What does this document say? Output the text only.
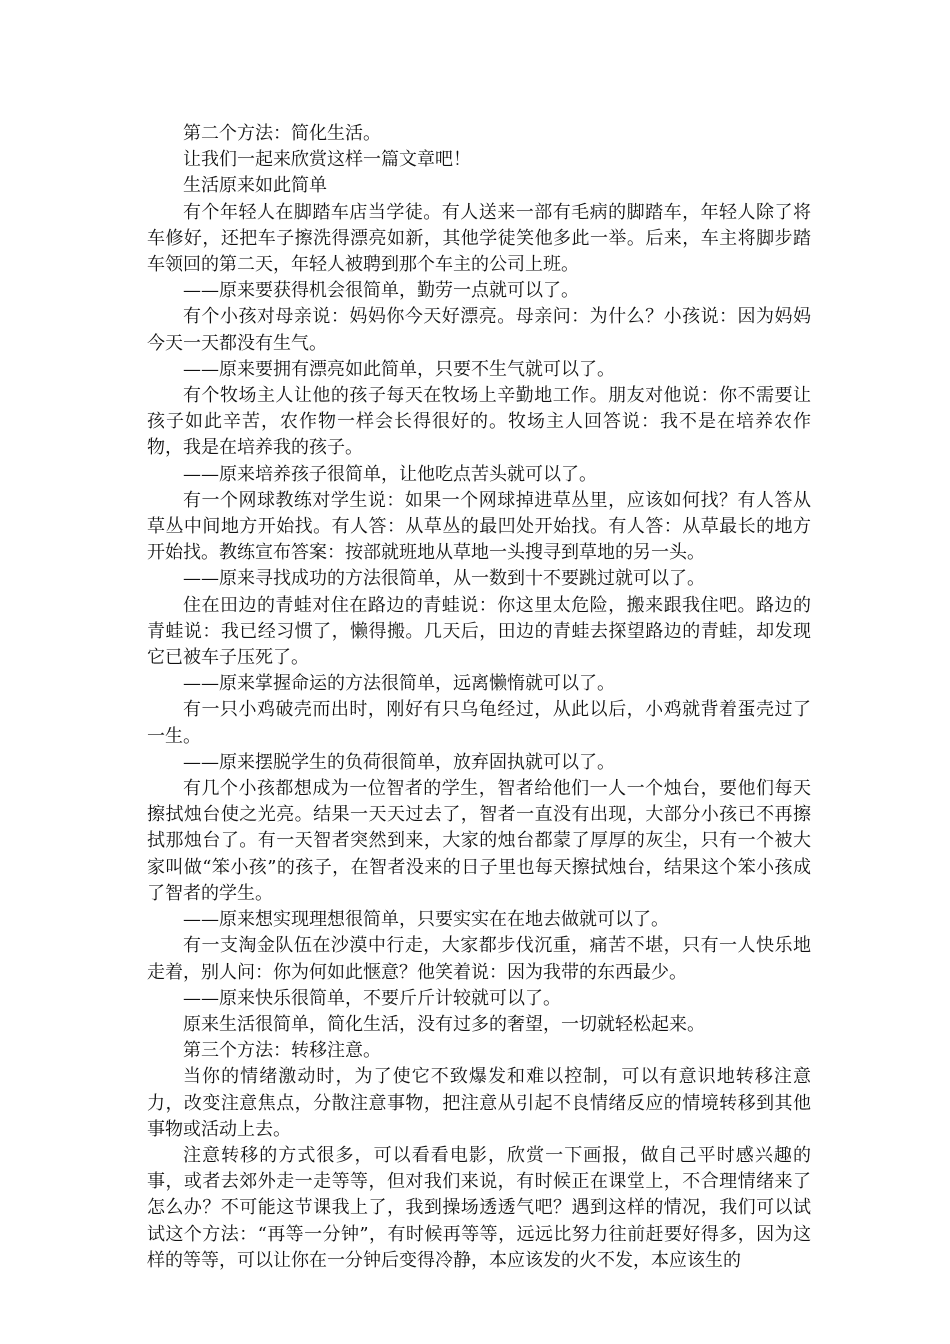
第二个方法：简化生活。

让我们一起来欣赏这样一篇文章吧！

生活原来如此简单

有个年轻人在脚踏车店当学徒。有人送来一部有毛病的脚踏车，年轻人除了将车修好，还把车子擦洗得漂亮如新，其他学徒笑他多此一举。后来，车主将脚步踏车领回的第二天，年轻人被聘到那个车主的公司上班。

——原来要获得机会很简单，勤劳一点就可以了。

有个小孩对母亲说：妈妈你今天好漂亮。母亲问：为什么？小孩说：因为妈妈今天一天都没有生气。

——原来要拥有漂亮如此简单，只要不生气就可以了。

有个牧场主人让他的孩子每天在牧场上辛勤地工作。朋友对他说：你不需要让孩子如此辛苦，农作物一样会长得很好的。牧场主人回答说：我不是在培养农作物，我是在培养我的孩子。

——原来培养孩子很简单，让他吃点苦头就可以了。

有一个网球教练对学生说：如果一个网球掉进草丛里，应该如何找？有人答从草丛中间地方开始找。有人答：从草丛的最凹处开始找。有人答：从草最长的地方开始找。教练宣布答案：按部就班地从草地一头搜寻到草地的另一头。

——原来寻找成功的方法很简单，从一数到十不要跳过就可以了。

住在田边的青蛙对住在路边的青蛙说：你这里太危险，搬来跟我住吧。路边的青蛙说：我已经习惯了，懒得搬。几天后，田边的青蛙去探望路边的青蛙，却发现它已被车子压死了。

——原来掌握命运的方法很简单，远离懒惰就可以了。

有一只小鸡破壳而出时，刚好有只乌龟经过，从此以后，小鸡就背着蛋壳过了一生。

——原来摆脱学生的负荷很简单，放弃固执就可以了。

有几个小孩都想成为一位智者的学生，智者给他们一人一个烛台，要他们每天擦拭烛台使之光亮。结果一天天过去了，智者一直没有出现，大部分小孩已不再擦拭那烛台了。有一天智者突然到来，大家的烛台都蒙了厚厚的灰尘，只有一个被大家叫做“笨小孩”的孩子，在智者没来的日子里也每天擦拭烛台，结果这个笨小孩成了智者的学生。

——原来想实现理想很简单，只要实实在在地去做就可以了。

有一支淘金队伍在沙漠中行走，大家都步伐沉重，痛苦不堪，只有一人快乐地走着，别人问：你为何如此惬意？他笑着说：因为我带的东西最少。

——原来快乐很简单，不要斤斤计较就可以了。

原来生活很简单，简化生活，没有过多的奢望，一切就轻松起来。

第三个方法：转移注意。

当你的情绪激动时，为了使它不致爆发和难以控制，可以有意识地转移注意力，改变注意焦点，分散注意事物，把注意从引起不良情绪反应的情境转移到其他事物或活动上去。

注意转移的方式很多，可以看看电影，欣赏一下画报，做自己平时感兴趣的事，或者去郊外走一走等等，但对我们来说，有时候正在课堂上，不合理情绪来了怎么办？不可能这节课我上了，我到操场透透气吧？遇到这样的情况，我们可以试试这个方法：“再等一分钟”，有时候再等等，远远比努力往前赶要好得多，因为这样的等等，可以让你在一分钟后变得冷静，本应该发的火不发，本应该生的
